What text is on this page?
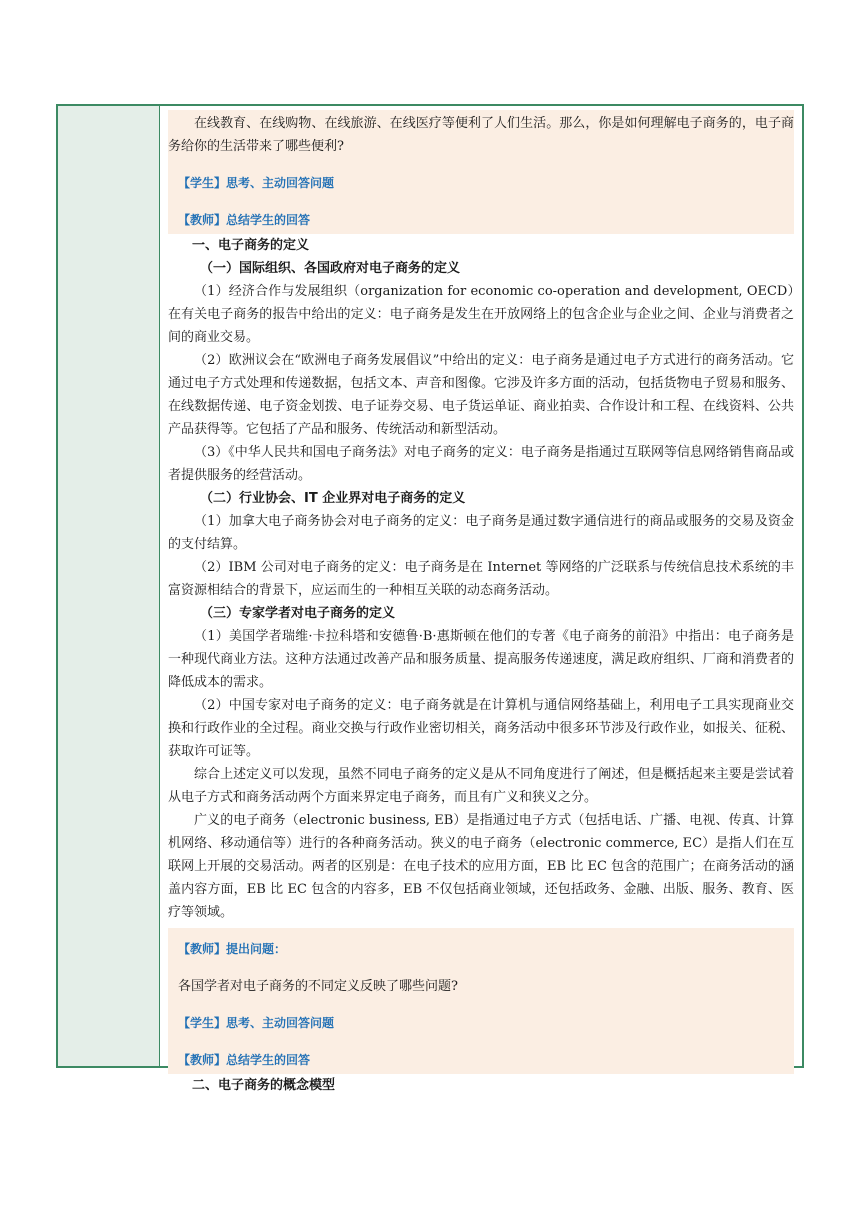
在线教育、在线购物、在线旅游、在线医疗等便利了人们生活。那么，你是如何理解电子商务的，电子商务给你的生活带来了哪些便利?

【学生】思考、主动回答问题
【教师】总结学生的回答
一、电子商务的定义
（一）国际组织、各国政府对电子商务的定义

（1）经济合作与发展组织（organization for economic co-operation and development, OECD）在有关电子商务的报告中给出的定义：电子商务是发生在开放网络上的包含企业与企业之间、企业与消费者之间的商业交易。

（2）欧洲议会在“欧洲电子商务发展倡议”中给出的定义：电子商务是通过电子方式进行的商务活动。它通过电子方式处理和传递数据，包括文本、声音和图像。它涉及许多方面的活动，包括货物电子贸易和服务、在线数据传递、电子资金划拨、电子证券交易、电子货运单证、商业拍卖、合作设计和工程、在线资料、公共产品获得等。它包括了产品和服务、传统活动和新型活动。

（3）《中华人民共和国电子商务法》对电子商务的定义：电子商务是指通过互联网等信息网络销售商品或者提供服务的经营活动。

（二）行业协会、IT 企业界对电子商务的定义

（1）加拿大电子商务协会对电子商务的定义：电子商务是通过数字通信进行的商品或服务的交易及资金的支付结算。

（2）IBM 公司对电子商务的定义：电子商务是在 Internet 等网络的广泛联系与传统信息技术系统的丰富资源相结合的背景下，应运而生的一种相互关联的动态商务活动。

（三）专家学者对电子商务的定义

（1）美国学者瑞维·卡拉科塔和安德鲁·B·惠斯顿在他们的专著《电子商务的前沿》中指出：电子商务是一种现代商业方法。这种方法通过改善产品和服务质量、提高服务传递速度，满足政府组织、厂商和消费者的降低成本的需求。

（2）中国专家对电子商务的定义：电子商务就是在计算机与通信网络基础上，利用电子工具实现商业交换和行政作业的全过程。商业交换与行政作业密切相关，商务活动中很多环节涉及行政作业，如报关、征税、获取许可证等。

综合上述定义可以发现，虽然不同电子商务的定义是从不同角度进行了阐述，但是概括起来主要是尝试着从电子方式和商务活动两个方面来界定电子商务，而且有广义和狭义之分。

广义的电子商务（electronic business, EB）是指通过电子方式（包括电话、广播、电视、传真、计算机网络、移动通信等）进行的各种商务活动。狭义的电子商务（electronic commerce, EC）是指人们在互联网上开展的交易活动。两者的区别是：在电子技术的应用方面，EB 比 EC 包含的范围广；在商务活动的涵盖内容方面，EB 比 EC 包含的内容多，EB 不仅包括商业领域，还包括政务、金融、出版、服务、教育、医疗等领域。

【教师】提出问题：

各国学者对电子商务的不同定义反映了哪些问题?

【学生】思考、主动回答问题
【教师】总结学生的回答
二、电子商务的概念模型
